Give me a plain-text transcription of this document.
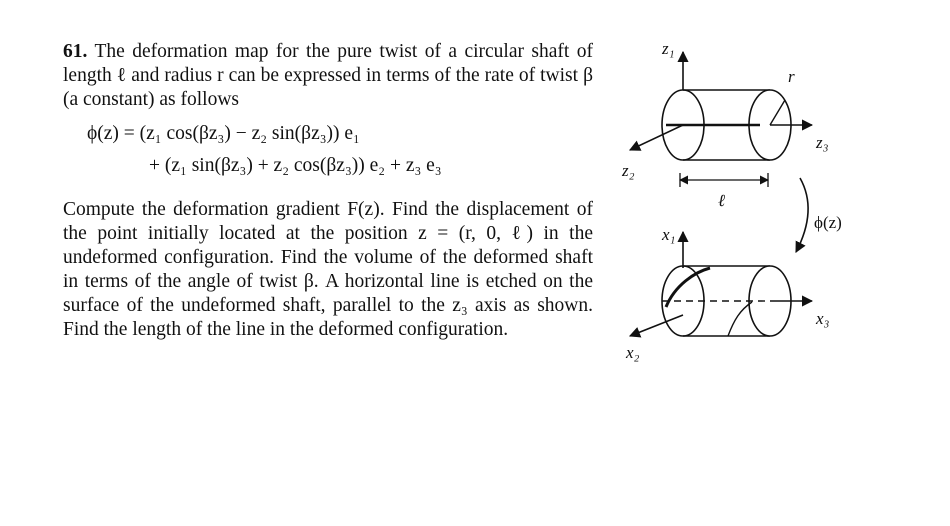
61. The deformation map for the pure twist of a circular shaft of length ℓ and radius r can be expressed in terms of the rate of twist β (a constant) as follows

ϕ(z) = (z₁ cos(βz₃) − z₂ sin(βz₃)) e₁
+ (z₁ sin(βz₃) + z₂ cos(βz₃)) e₂ + z₃ e₃

Compute the deformation gradient F(z). Find the displacement of the point initially located at the position z = (r, 0, ℓ) in the undeformed configuration. Find the volume of the deformed shaft in terms of the angle of twist β. A horizontal line is etched on the surface of the undeformed shaft, parallel to the z₃ axis as shown. Find the length of the line in the deformed configuration.

z₁
r
z₃
z₂
ℓ
ϕ(z)
x₁
x₃
x₂
